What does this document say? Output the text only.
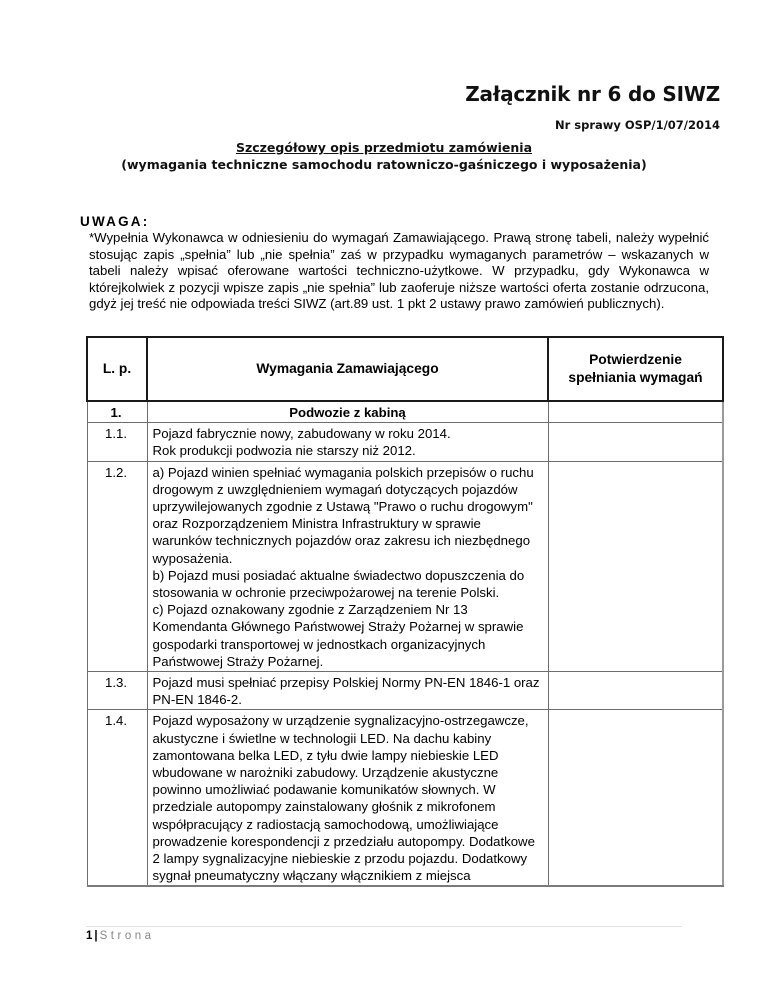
Załącznik nr 6 do SIWZ
Nr sprawy OSP/1/07/2014
Szczegółowy opis przedmiotu zamówienia
(wymagania techniczne samochodu ratowniczo-gaśniczego i wyposażenia)
UWAGA:
*Wypełnia Wykonawca w odniesieniu do wymagań Zamawiającego. Prawą stronę tabeli, należy wypełnić stosując zapis „spełnia” lub „nie spełnia” zaś w przypadku wymaganych parametrów – wskazanych w tabeli należy wpisać oferowane wartości techniczno-użytkowe. W przypadku, gdy Wykonawca w którejkolwiek z pozycji wpisze zapis „nie spełnia” lub zaoferuje niższe wartości oferta zostanie odrzucona, gdyż jej treść nie odpowiada treści SIWZ (art.89 ust. 1 pkt 2 ustawy prawo zamówień publicznych).
L. p.	Wymagania Zamawiającego	Potwierdzenie
spełniania wymagań

1.	Podwozie z kabiną	
1.1.	Pojazd fabrycznie nowy, zabudowany w roku 2014.
Rok produkcji podwozia nie starszy niż 2012.	

1.2.	a) Pojazd winien spełniać wymagania polskich przepisów o ruchu drogowym z uwzględnieniem wymagań dotyczących pojazdów uprzywilejowanych zgodnie z Ustawą "Prawo o ruchu drogowym" oraz Rozporządzeniem Ministra Infrastruktury w sprawie warunków technicznych pojazdów oraz zakresu ich niezbędnego wyposażenia.
b) Pojazd musi posiadać aktualne świadectwo dopuszczenia do stosowania w ochronie przeciwpożarowej na terenie Polski.
c) Pojazd oznakowany zgodnie z Zarządzeniem Nr 13 Komendanta Głównego Państwowej Straży Pożarnej w sprawie gospodarki transportowej w jednostkach organizacyjnych Państwowej Straży Pożarnej.	

1.3.	Pojazd musi spełniać przepisy Polskiej Normy PN-EN 1846-1 oraz PN-EN 1846-2.	

1.4.	Pojazd wyposażony w urządzenie sygnalizacyjno-ostrzegawcze, akustyczne i świetlne w technologii LED. Na dachu kabiny zamontowana belka LED, z tyłu dwie lampy niebieskie LED wbudowane w narożniki zabudowy. Urządzenie akustyczne powinno umożliwiać podawanie komunikatów słownych. W przedziale autopompy zainstalowany głośnik z mikrofonem współpracujący z radiostacją samochodową, umożliwiające prowadzenie korespondencji z przedziału autopompy. Dodatkowe 2 lampy sygnalizacyjne niebieskie z przodu pojazdu. Dodatkowy sygnał pneumatyczny włączany włącznikiem z miejsca	

1 | Strona
